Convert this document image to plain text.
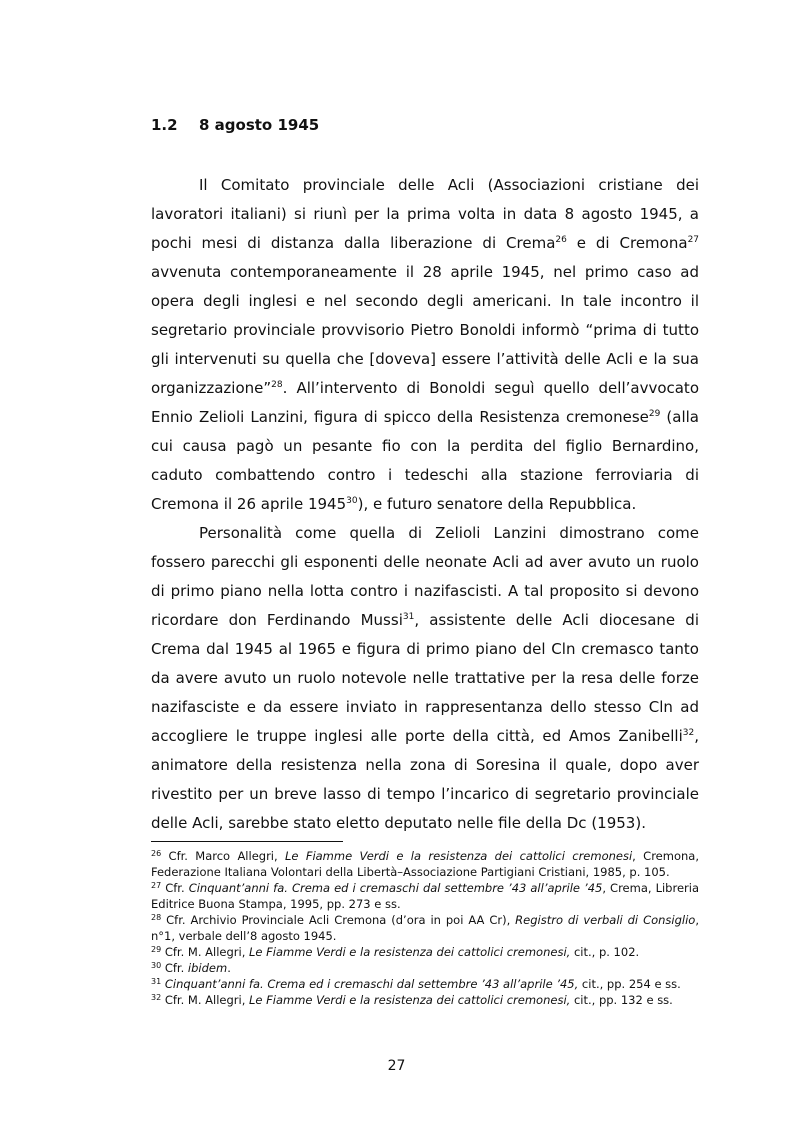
1.2 8 agosto 1945

Il Comitato provinciale delle Acli (Associazioni cristiane dei lavoratori italiani) si riunì per la prima volta in data 8 agosto 1945, a pochi mesi di distanza dalla liberazione di Crema$^{26}$ e di Cremona$^{27}$ avvenuta contemporaneamente il 28 aprile 1945, nel primo caso ad opera degli inglesi e nel secondo degli americani. In tale incontro il segretario provinciale provvisorio Pietro Bonoldi informò “prima di tutto gli intervenuti su quella che [doveva] essere l’attività delle Acli e la sua organizzazione”$^{28}$. All’intervento di Bonoldi seguì quello dell’avvocato Ennio Zelioli Lanzini, figura di spicco della Resistenza cremonese$^{29}$ (alla cui causa pagò un pesante fio con la perdita del figlio Bernardino, caduto combattendo contro i tedeschi alla stazione ferroviaria di Cremona il 26 aprile 1945$^{30}$), e futuro senatore della Repubblica.

Personalità come quella di Zelioli Lanzini dimostrano come fossero parecchi gli esponenti delle neonate Acli ad aver avuto un ruolo di primo piano nella lotta contro i nazifascisti. A tal proposito si devono ricordare don Ferdinando Mussi$^{31}$, assistente delle Acli diocesane di Crema dal 1945 al 1965 e figura di primo piano del Cln cremasco tanto da avere avuto un ruolo notevole nelle trattative per la resa delle forze nazifasciste e da essere inviato in rappresentanza dello stesso Cln ad accogliere le truppe inglesi alle porte della città, ed Amos Zanibelli$^{32}$, animatore della resistenza nella zona di Soresina il quale, dopo aver rivestito per un breve lasso di tempo l’incarico di segretario provinciale delle Acli, sarebbe stato eletto deputato nelle file della Dc (1953).

$^{26}$ Cfr. Marco Allegri, Le Fiamme Verdi e la resistenza dei cattolici cremonesi, Cremona, Federazione Italiana Volontari della Libertà–Associazione Partigiani Cristiani, 1985, p. 105.

$^{27}$ Cfr. Cinquant’anni fa. Crema ed i cremaschi dal settembre ’43 all’aprile ’45, Crema, Libreria Editrice Buona Stampa, 1995, pp. 273 e ss.

$^{28}$ Cfr. Archivio Provinciale Acli Cremona (d’ora in poi AA Cr), Registro di verbali di Consiglio, n°1, verbale dell’8 agosto 1945.

$^{29}$ Cfr. M. Allegri, Le Fiamme Verdi e la resistenza dei cattolici cremonesi, cit., p. 102.

$^{30}$ Cfr. ibidem.

$^{31}$ Cinquant’anni fa. Crema ed i cremaschi dal settembre ’43 all’aprile ’45, cit., pp. 254 e ss.

$^{32}$ Cfr. M. Allegri, Le Fiamme Verdi e la resistenza dei cattolici cremonesi, cit., pp. 132 e ss.

27
